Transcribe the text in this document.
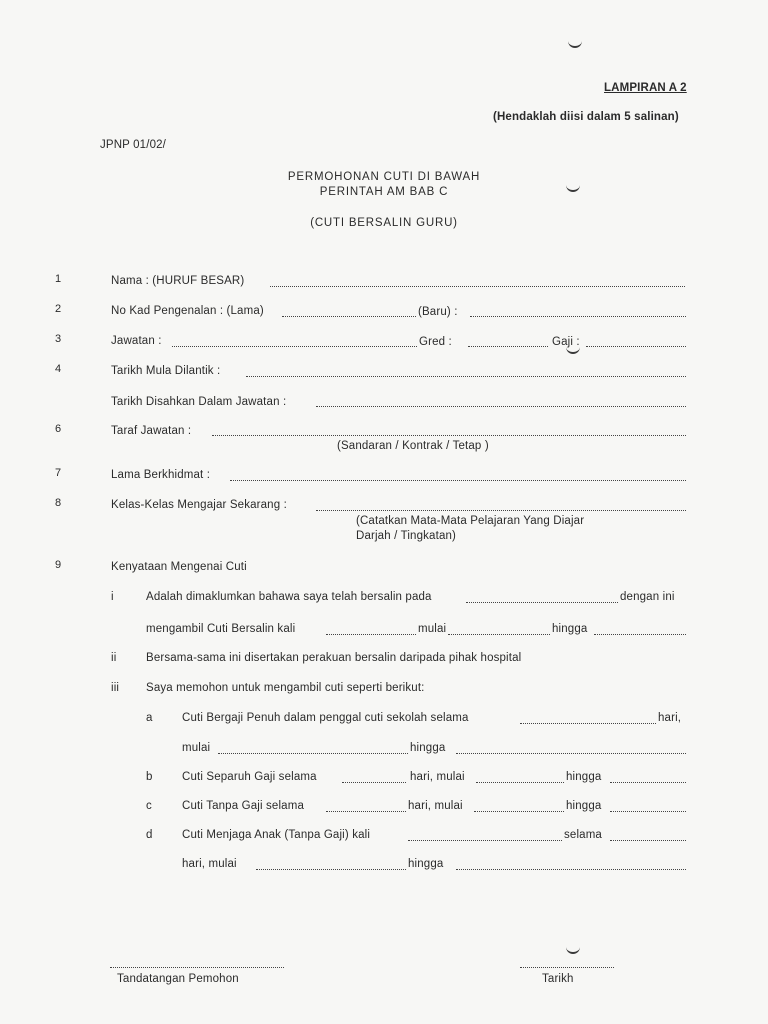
LAMPIRAN A 2
(Hendaklah diisi dalam 5 salinan)
JPNP 01/02/
PERMOHONAN CUTI DI BAWAH
PERINTAH AM BAB C
(CUTI BERSALIN GURU)
1	Nama : (HURUF BESAR)
2	No Kad Pengenalan : (Lama)	(Baru) :
3	Jawatan :	Gred :	Gaji :
4	Tarikh Mula Dilantik :
Tarikh Disahkan Dalam Jawatan :
6	Taraf Jawatan :
(Sandaran / Kontrak / Tetap )
7	Lama Berkhidmat :
8	Kelas-Kelas Mengajar Sekarang :
(Catatkan Mata-Mata Pelajaran Yang Diajar
Darjah / Tingkatan)
9	Kenyataan Mengenai Cuti
i	Adalah dimaklumkan bahawa saya telah bersalin pada	dengan ini
mengambil Cuti Bersalin kali	mulai	hingga
ii	Bersama-sama ini disertakan perakuan bersalin daripada pihak hospital
iii Saya memohon untuk mengambil cuti seperti berikut:
a	Cuti Bergaji Penuh dalam penggal cuti sekolah selama	hari,
mulai	hingga
b	Cuti Separuh Gaji selama	hari, mulai	hingga
c	Cuti Tanpa Gaji selama	hari, mulai	hingga
d	Cuti Menjaga Anak (Tanpa Gaji) kali	selama
hari, mulai	hingga
Tandatangan Pemohon	Tarikh
